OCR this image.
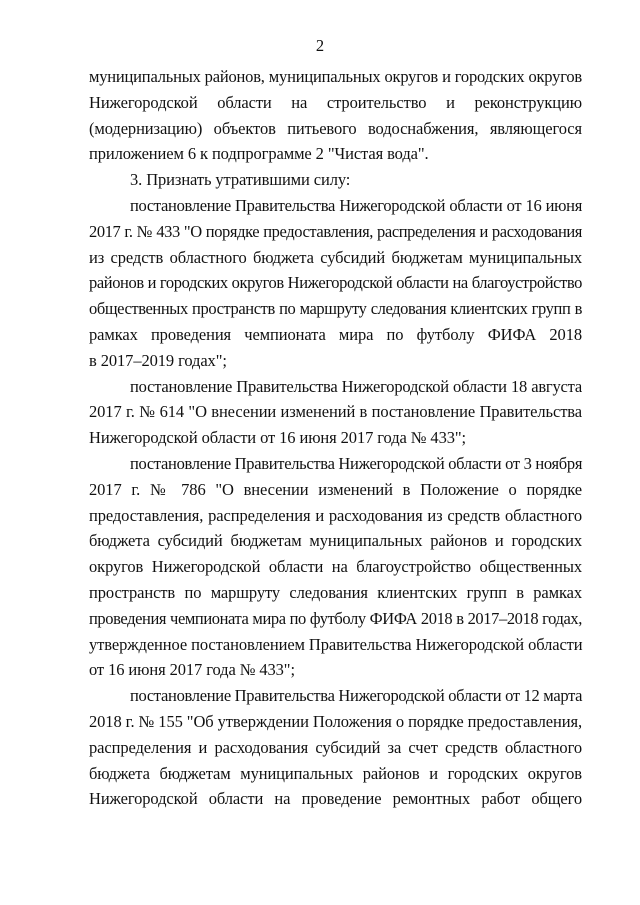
2
муниципальных районов, муниципальных округов и городских округов
Нижегородской области на строительство и реконструкцию
(модернизацию) объектов питьевого водоснабжения, являющегося
приложением 6 к подпрограмме 2 "Чистая вода".
3. Признать утратившими силу:
постановление Правительства Нижегородской области от 16 июня
2017 г. № 433 "О порядке предоставления, распределения и расходования
из средств областного бюджета субсидий бюджетам муниципальных
районов и городских округов Нижегородской области на благоустройство
общественных пространств по маршруту следования клиентских групп в
рамках проведения чемпионата мира по футболу ФИФА 2018
в 2017–2019 годах";
постановление Правительства Нижегородской области 18 августа
2017 г. № 614 "О внесении изменений в постановление Правительства
Нижегородской области от 16 июня 2017 года № 433";
постановление Правительства Нижегородской области от 3 ноября
2017 г. № 786 "О внесении изменений в Положение о порядке
предоставления, распределения и расходования из средств областного
бюджета субсидий бюджетам муниципальных районов и городских
округов Нижегородской области на благоустройство общественных
пространств по маршруту следования клиентских групп в рамках
проведения чемпионата мира по футболу ФИФА 2018 в 2017–2018 годах,
утвержденное постановлением Правительства Нижегородской области
от 16 июня 2017 года № 433";
постановление Правительства Нижегородской области от 12 марта
2018 г. № 155 "Об утверждении Положения о порядке предоставления,
распределения и расходования субсидий за счет средств областного
бюджета бюджетам муниципальных районов и городских округов
Нижегородской области на проведение ремонтных работ общего
